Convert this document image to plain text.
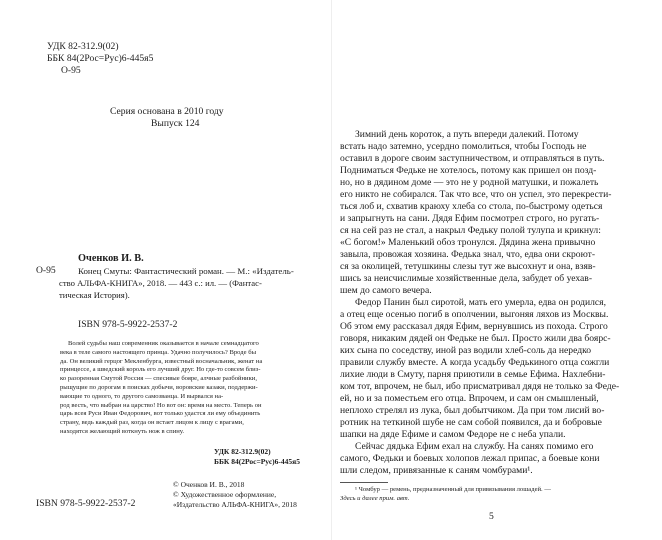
УДК 82-312.9(02)
ББК 84(2Рос=Рус)6-445я5
О-95
Серия основана в 2010 году
Выпуск 124
Оченков И. В.
О-95	Конец Смуты: Фантастический роман. — М.: «Издатель-
ство АЛЬФА-КНИГА», 2018. — 443 с.: ил. — (Фантас-
тическая История).
ISBN 978-5-9922-2537-2
Волей судьбы наш современник оказывается в начале семнадцатого
века в теле самого настоящего принца. Удачно получилось? Вроде бы
да. Он великий герцог Мекленбурга, известный восначальник, женат на
принцессе, а шведский король его лучший друг. Но где-то совсем близ-
ко разоренная Смутой Россия — спесивые бояре, алчные разбойники,
рыщущие по дорогам в поисках добычи, воровские казаки, поддержи-
вающие то одного, то другого самозванца. И вырвался на-
род весть, что выбран на царство! Но вот он: время на место. Теперь он
царь всея Руси Иван Федорович, вот только удастся ли ему объединить
страну, ведь каждый раз, когда он встает лицом к лицу с врагами,
находятся желающий воткнуть нож в спину.
УДК 82-312.9(02)
ББК 84(2Рос=Рус)6-445я5
© Оченков И. В., 2018
© Художественное оформление,
«Издательство АЛЬФА-КНИГА», 2018
ISBN 978-5-9922-2537-2
Зимний день короток, а путь впереди далекий. Потому
встать надо затемно, усердно помолиться, чтобы Господь не
оставил в дороге своим заступничеством, и отправляться в путь.
Подниматься Федьке не хотелось, потому как пришел он позд-
но, но в дядином доме — это не у родной матушки, и пожалеть
его никто не собирался. Так что все, что он успел, это перекрести-
ться лоб и, схватив краюху хлеба со стола, по-быстрому одеться
и запрыгнуть на сани. Дядя Ефим посмотрел строго, но ругать-
ся на сей раз не стал, а накрыл Федьку полой тулупа и крикнул:
«С богом!» Маленький обоз тронулся. Дядина жена привычно
завыла, провожая хозяина. Федька знал, что, едва они скроют-
ся за околицей, тетушкины слезы тут же высохнут и она, взяв-
шись за неисчислимые хозяйственные дела, забудет об уехав-
шем до самого вечера.
Федор Панин был сиротой, мать его умерла, едва он родился,
а отец еще осенью погиб в ополчении, выгоняя ляхов из Москвы.
Об этом ему рассказал дядя Ефим, вернувшись из похода. Строго
говоря, никаким дядей он Федьке не был. Просто жили два боярс-
ких сына по соседству, иной раз водили хлеб-соль да нередко
правили службу вместе. А когда усадьбу Федькиного отца сожгли
лихие люди в Смуту, парня приютили в семье Ефима. Нахлебни-
ком тот, впрочем, не был, ибо присматривал дядя не только за Феде-
ей, но и за поместьем его отца. Впрочем, и сам он смышленый,
неплохо стрелял из лука, был добытчиком. Да при том лисий во-
ротник на теткиной шубе не сам собой появился, да и бобровые
шапки на дяде Ефиме и самом Федоре не с неба упали.
Сейчас дядька Ефим ехал на службу. На санях помимо его
самого, Федьки и боевых холопов лежал припас, а боевые кони
шли следом, привязанные к саням чомбурами¹.
¹ Чомбур — ремень, предназначенный для привязывания лошадей. —
Здесь и далее прим. авт.
5
